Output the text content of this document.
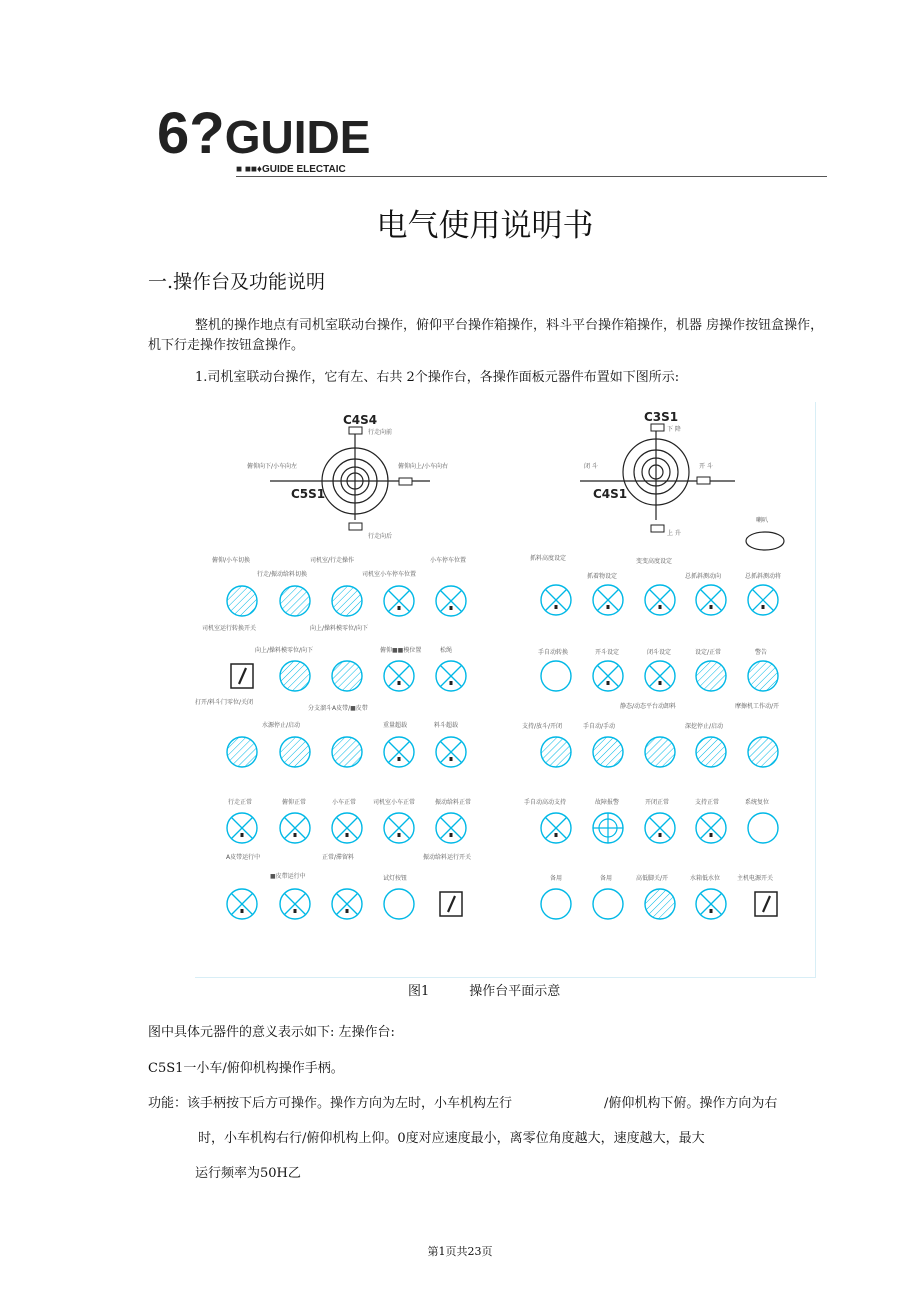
6?GUIDE
■ ■■♦GUIDE ELECTAIC
电气使用说明书
一.操作台及功能说明
整机的操作地点有司机室联动台操作，俯仰平台操作箱操作，料斗平台操作箱操作，机器 房操作按钮盒操作，机下行走操作按钮盒操作。
1.司机室联动台操作，它有左、右共 2个操作台，各操作面板元器件布置如下图所示:
C4S4
C5S1
行走向前
行走向后
俯仰向下/小车向左	俯仰向上/小车向右
C3S1
C4S1
下 降
上 升
闭 斗	开 斗
喇叭
俯仰/小车切换	司机室/行走操作	小车停车位置
行走/振动给料切换	司机室小车停车位置
司机室运行转换开关	向上/操料模零位/向下
向上/操料模零位/向下	俯仰■■模位置	松绳
打开/料斗门零位/关闭
分支溜斗A皮带/■皮带
水源停止/启动	重量超载	料斗超载
行走正常	俯仰正常	小车正常	司机室小车正常	振动给料正常
A皮带运行中	正常/滞留料	振动给料运行开关
■皮带运行中	试灯按钮
抓料高度设定	变变高度设定
抓着物设定	总抓斜测动向	总抓斜测动将
手自动转换	开斗设定	闭斗设定	设定/正常	警告
静态/动态平台动卸料	摩擦机工作动/开
支持/放斗/开闭	手自动/手动	深挖停止/启动
手自动高动支持	故障报警	开闭正常	支持正常	系统复位
备用	备用	高低脚关/开	水箱低水位	主机电源开关
图1	操作台平面示意
图中具体元器件的意义表示如下: 左操作台:
C5S1一小车/俯仰机构操作手柄。
功能：该手柄按下后方可操作。操作方向为左时，小车机构左行	/俯仰机构下俯。操作方向为右
时，小车机构右行/俯仰机构上仰。0度对应速度最小，离零位角度越大，速度越大，最大
运行频率为50H乙
第1页共23页
